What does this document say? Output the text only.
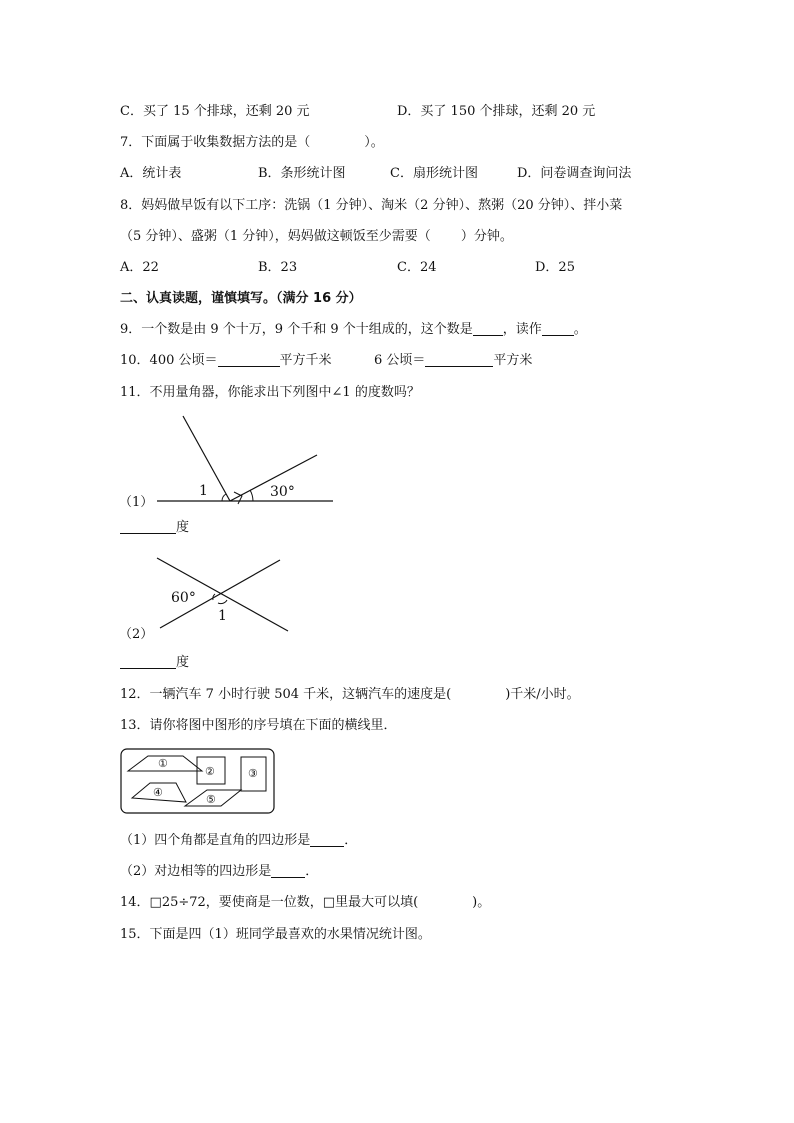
C．买了 15 个排球，还剩 20 元	D．买了 150 个排球，还剩 20 元
7．下面属于收集数据方法的是（	）。
A．统计表	B．条形统计图	C．扇形统计图	D．问卷调查询问法
8．妈妈做早饭有以下工序：洗锅（1 分钟）、淘米（2 分钟）、熬粥（20 分钟）、拌小菜
（5 分钟）、盛粥（1 分钟），妈妈做这顿饭至少需要（ ）分钟。
A．22	B．23	C．24	D．25
二、认真读题，谨慎填写。（满分 16 分）
9．一个数是由 9 个十万，9 个千和 9 个十组成的，这个数是 ，读作 。
10．400 公顷＝	平方千米	6 公顷＝	平方米
11．不用量角器，你能求出下列图中∠1 的度数吗？
（1）
1	30°
度
60°
1
（2）
度
12．一辆汽车 7 小时行驶 504 千米，这辆汽车的速度是(	)千米/小时。
13．请你将图中图形的序号填在下面的横线里．
①
②	③
④
⑤
（1）四个角都是直角的四边形是	．
（2）对边相等的四边形是	．
14．□25÷72，要使商是一位数，□里最大可以填(	)。
15．下面是四（1）班同学最喜欢的水果情况统计图。
